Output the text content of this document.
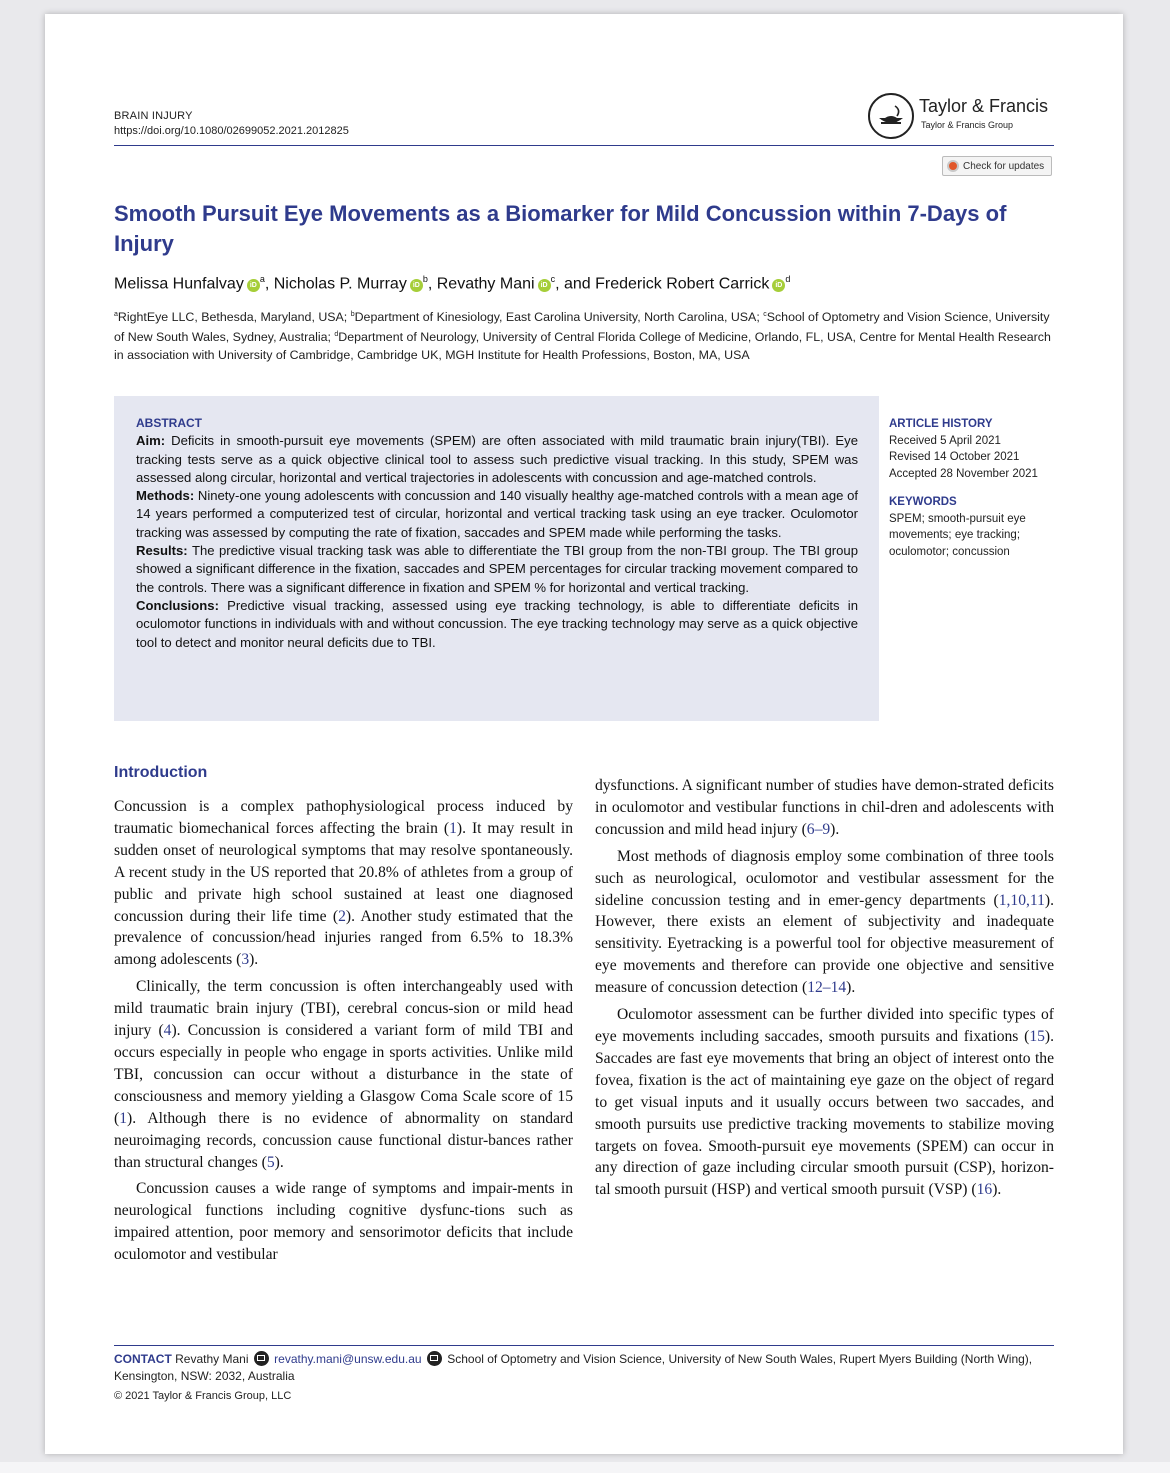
BRAIN INJURY
https://doi.org/10.1080/02699052.2021.2012825
Taylor & Francis
Taylor & Francis Group
Check for updates
Smooth Pursuit Eye Movements as a Biomarker for Mild Concussion within 7-Days of Injury
Melissa Hunfalvay $iD^a$, Nicholas P. Murray $iD^b$, Revathy Mani $iD^c$, and Frederick Robert Carrick $iD^d$
$^a$RightEye LLC, Bethesda, Maryland, USA; $^b$Department of Kinesiology, East Carolina University, North Carolina, USA; $^c$School of Optometry and Vision Science, University of New South Wales, Sydney, Australia; $^d$Department of Neurology, University of Central Florida College of Medicine, Orlando, FL, USA, Centre for Mental Health Research in association with University of Cambridge, Cambridge UK, MGH Institute for Health Professions, Boston, MA, USA
ABSTRACT
Aim: Deficits in smooth-pursuit eye movements (SPEM) are often associated with mild traumatic brain injury(TBI). Eye tracking tests serve as a quick objective clinical tool to assess such predictive visual tracking. In this study, SPEM was assessed along circular, horizontal and vertical trajectories in adolescents with concussion and age-matched controls.
Methods: Ninety-one young adolescents with concussion and 140 visually healthy age-matched controls with a mean age of 14 years performed a computerized test of circular, horizontal and vertical tracking task using an eye tracker. Oculomotor tracking was assessed by computing the rate of fixation, saccades and SPEM made while performing the tasks.
Results: The predictive visual tracking task was able to differentiate the TBI group from the non-TBI group. The TBI group showed a significant difference in the fixation, saccades and SPEM percentages for circular tracking movement compared to the controls. There was a significant difference in fixation and SPEM % for horizontal and vertical tracking.
Conclusions: Predictive visual tracking, assessed using eye tracking technology, is able to differentiate deficits in oculomotor functions in individuals with and without concussion. The eye tracking technology may serve as a quick objective tool to detect and monitor neural deficits due to TBI.
ARTICLE HISTORY
Received 5 April 2021
Revised 14 October 2021
Accepted 28 November 2021
KEYWORDS
SPEM; smooth-pursuit eye movements; eye tracking; oculomotor; concussion
Introduction

Concussion is a complex pathophysiological process induced by traumatic biomechanical forces affecting the brain (1). It may result in sudden onset of neurological symptoms that may resolve spontaneously. A recent study in the US reported that 20.8% of athletes from a group of public and private high school sustained at least one diagnosed concussion during their life time (2). Another study estimated that the prevalence of concussion/head injuries ranged from 6.5% to 18.3% among adolescents (3).

Clinically, the term concussion is often interchangeably used with mild traumatic brain injury (TBI), cerebral concus-sion or mild head injury (4). Concussion is considered a variant form of mild TBI and occurs especially in people who engage in sports activities. Unlike mild TBI, concussion can occur without a disturbance in the state of consciousness and memory yielding a Glasgow Coma Scale score of 15 (1). Although there is no evidence of abnormality on standard neuroimaging records, concussion cause functional distur-bances rather than structural changes (5).

Concussion causes a wide range of symptoms and impair-ments in neurological functions including cognitive dysfunc-tions such as impaired attention, poor memory and sensorimotor deficits that include oculomotor and vestibular

dysfunctions. A significant number of studies have demon-strated deficits in oculomotor and vestibular functions in chil-dren and adolescents with concussion and mild head injury (6–9).

Most methods of diagnosis employ some combination of three tools such as neurological, oculomotor and vestibular assessment for the sideline concussion testing and in emer-gency departments (1,10,11). However, there exists an element of subjectivity and inadequate sensitivity. Eyetracking is a powerful tool for objective measurement of eye movements and therefore can provide one objective and sensitive measure of concussion detection (12–14).

Oculomotor assessment can be further divided into specific types of eye movements including saccades, smooth pursuits and fixations (15). Saccades are fast eye movements that bring an object of interest onto the fovea, fixation is the act of maintaining eye gaze on the object of regard to get visual inputs and it usually occurs between two saccades, and smooth pursuits use predictive tracking movements to stabilize moving targets on fovea. Smooth-pursuit eye movements (SPEM) can occur in any direction of gaze including circular smooth pursuit (CSP), horizon-tal smooth pursuit (HSP) and vertical smooth pursuit (VSP) (16).

CONTACT Revathy Mani  revathy.mani@unsw.edu.au  School of Optometry and Vision Science, University of New South Wales, Rupert Myers Building (North Wing), Kensington, NSW: 2032, Australia
© 2021 Taylor & Francis Group, LLC
